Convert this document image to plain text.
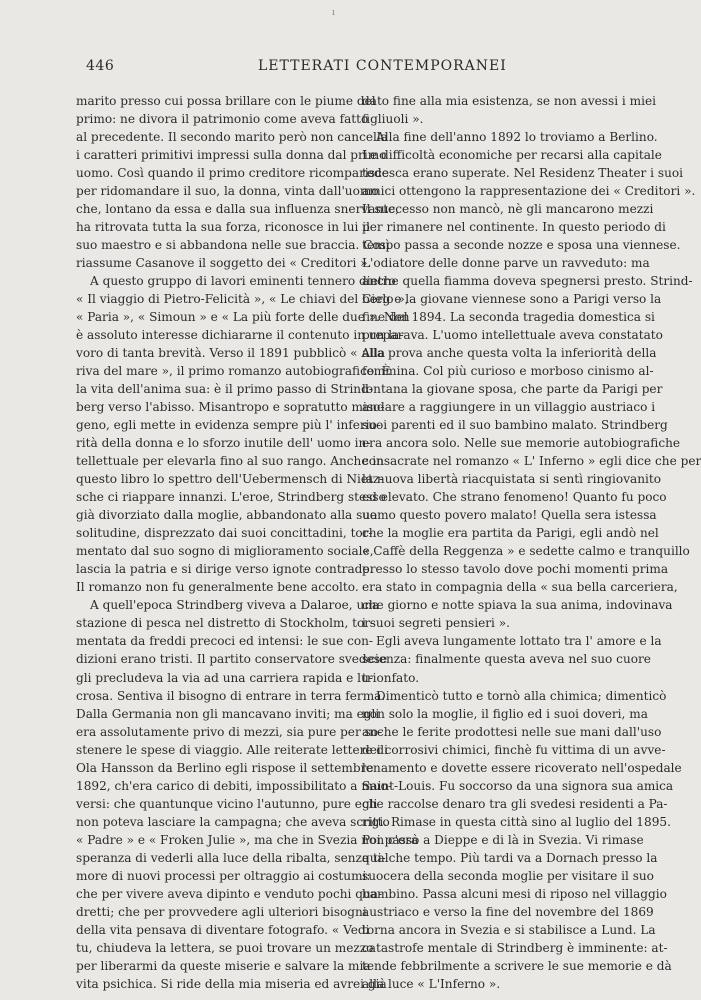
ı
446	LETTERATI CONTEMPORANEI
marito presso cui possa brillare con le piume del
primo: ne divora il patrimonio come aveva fatto
al precedente. Il secondo marito però non cancella
i caratteri primitivi impressi sulla donna dal primo
uomo. Così quando il primo creditore ricomparisce
per ridomandare il suo, la donna, vinta dall'uomo
che, lontano da essa e dalla sua influenza snervante,
ha ritrovata tutta la sua forza, riconosce in lui il
suo maestro e si abbandona nelle sue braccia. Così
riassume Casanove il soggetto dei « Creditori ».
A questo gruppo di lavori eminenti tennero dietro
« Il viaggio di Pietro-Felicità », « Le chiavi del Cielo »,
« Paria », « Simoun » e « La più forte delle due ». Non
è assoluto interesse dichiararne il contenuto in un la-
voro di tanta brevità. Verso il 1891 pubblicò « Alla
riva del mare », il primo romanzo autobiografico. È
la vita dell'anima sua: è il primo passo di Strind-
berg verso l'abisso. Misantropo e sopratutto miso-
geno, egli mette in evidenza sempre più l' inferio-
rità della donna e lo sforzo inutile dell' uomo in-
tellettuale per elevarla fino al suo rango. Anche in
questo libro lo spettro dell'Uebermensch di Nietz-
sche ci riappare innanzi. L'eroe, Strindberg stesso
già divorziato dalla moglie, abbandonato alla sua
solitudine, disprezzato dai suoi concittadini, tor-
mentato dal suo sogno di miglioramento sociale,
lascia la patria e si dirige verso ignote contrade.
Il romanzo non fu generalmente bene accolto.
A quell'epoca Strindberg viveva a Dalaroe, una
stazione di pesca nel distretto di Stockholm, tor-
mentata da freddi precoci ed intensi: le sue con-
dizioni erano tristi. Il partito conservatore svedese
gli precludeva la via ad una carriera rapida e lu-
crosa. Sentiva il bisogno di entrare in terra ferma.
Dalla Germania non gli mancavano inviti; ma egli
era assolutamente privo di mezzi, sia pure per so-
stenere le spese di viaggio. Alle reiterate lettere di
Ola Hansson da Berlino egli rispose il settembre
1892, ch'era carico di debiti, impossibilitato a muo-
versi: che quantunque vicino l'autunno, pure egli
non poteva lasciare la campagna; che aveva scritto
« Padre » e « Froken Julie », ma che in Svezia non c'era
speranza di vederli alla luce della ribalta, senza ti-
more di nuovi processi per oltraggio ai costumi:
che per vivere aveva dipinto e venduto pochi qua-
dretti; che per provvedere agli ulteriori bisogni
della vita pensava di diventare fotografo. « Vedi
tu, chiudeva la lettera, se puoi trovare un mezzo
per liberarmi da queste miserie e salvare la mia
vita psichica. Si ride della mia miseria ed avrei già
dato fine alla mia esistenza, se non avessi i miei
figliuoli ».
Alla fine dell'anno 1892 lo troviamo a Berlino.
Le difficoltà economiche per recarsi alla capitale
tedesca erano superate. Nel Residenz Theater i suoi
amici ottengono la rappresentazione dei « Creditori ».
Il successo non mancò, nè gli mancarono mezzi
per rimanere nel continente. In questo periodo di
tempo passa a seconde nozze e sposa una viennese.
L'odiatore delle donne parve un ravveduto: ma
anche quella fiamma doveva spegnersi presto. Strind-
berg e la giovane viennese sono a Parigi verso la
fine del 1894. La seconda tragedia domestica si
preparava. L'uomo intellettuale aveva constatato
alla prova anche questa volta la inferiorità della
femmina. Col più curioso e morboso cinismo al-
lontana la giovane sposa, che parte da Parigi per
andare a raggiungere in un villaggio austriaco i
suoi parenti ed il suo bambino malato. Strindberg
era ancora solo. Nelle sue memorie autobiografiche
consacrate nel romanzo « L' Inferno » egli dice che per
la nuova libertà riacquistata si sentì ringiovanito
ed elevato. Che strano fenomeno! Quanto fu poco
uomo questo povero malato! Quella sera istessa
che la moglie era partita da Parigi, egli andò nel
« Caffè della Reggenza » e sedette calmo e tranquillo
presso lo stesso tavolo dove pochi momenti prima
era stato in compagnia della « sua bella carceriera,
che giorno e notte spiava la sua anima, indovinava
i suoi segreti pensieri ».
Egli aveva lungamente lottato tra l' amore e la
scienza: finalmente questa aveva nel suo cuore
trionfato.
Dimenticò tutto e tornò alla chimica; dimenticò
non solo la moglie, il figlio ed i suoi doveri, ma
anche le ferite prodottesi nelle sue mani dall'uso
dei corrosivi chimici, finchè fu vittima di un avve-
lenamento e dovette essere ricoverato nell'ospedale
Saint-Louis. Fu soccorso da una signora sua amica
che raccolse denaro tra gli svedesi residenti a Pa-
rigi. Rimase in questa città sino al luglio del 1895.
Poi passò a Dieppe e di là in Svezia. Vi rimase
qualche tempo. Più tardi va a Dornach presso la
suocera della seconda moglie per visitare il suo
bambino. Passa alcuni mesi di riposo nel villaggio
austriaco e verso la fine del novembre del 1869
torna ancora in Svezia e si stabilisce a Lund. La
catastrofe mentale di Strindberg è imminente: at-
tende febbrilmente a scrivere le sue memorie e dà
alla luce « L'Inferno ».
